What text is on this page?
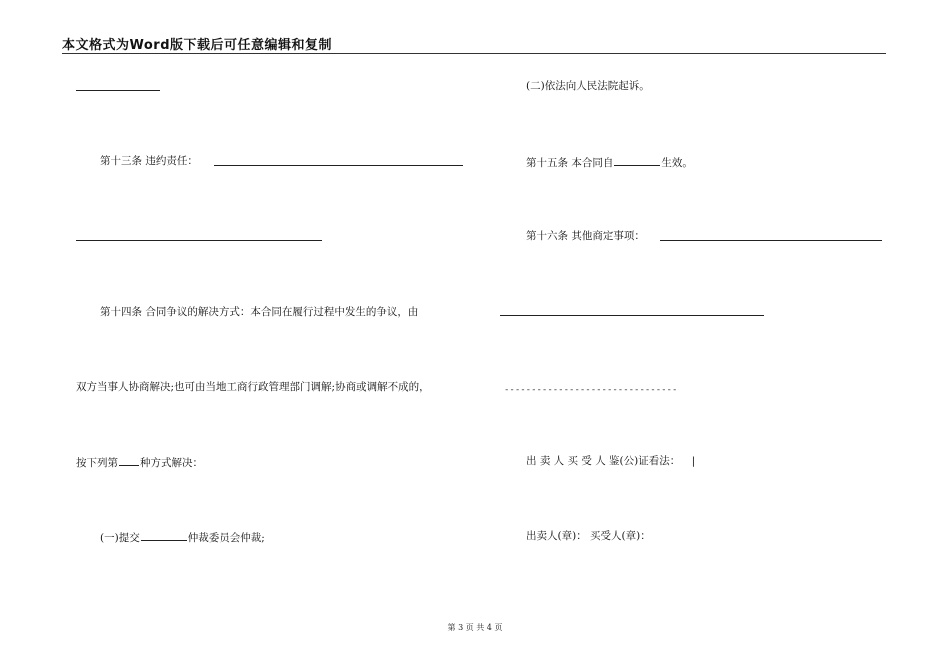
本文格式为Word版下载后可任意编辑和复制
第十三条 违约责任：
第十四条 合同争议的解决方式：本合同在履行过程中发生的争议，由
双方当事人协商解决;也可由当地工商行政管理部门调解;协商或调解不成的，
按下列第 种方式解决：
(一)提交	仲裁委员会仲裁;
(二)依法向人民法院起诉。
第十五条 本合同自	生效。
第十六条 其他商定事项：
--------------------------------
出 卖 人 买 受 人 鉴(公)证看法： |
出卖人(章)： 买受人(章)：
第 3 页 共 4 页
